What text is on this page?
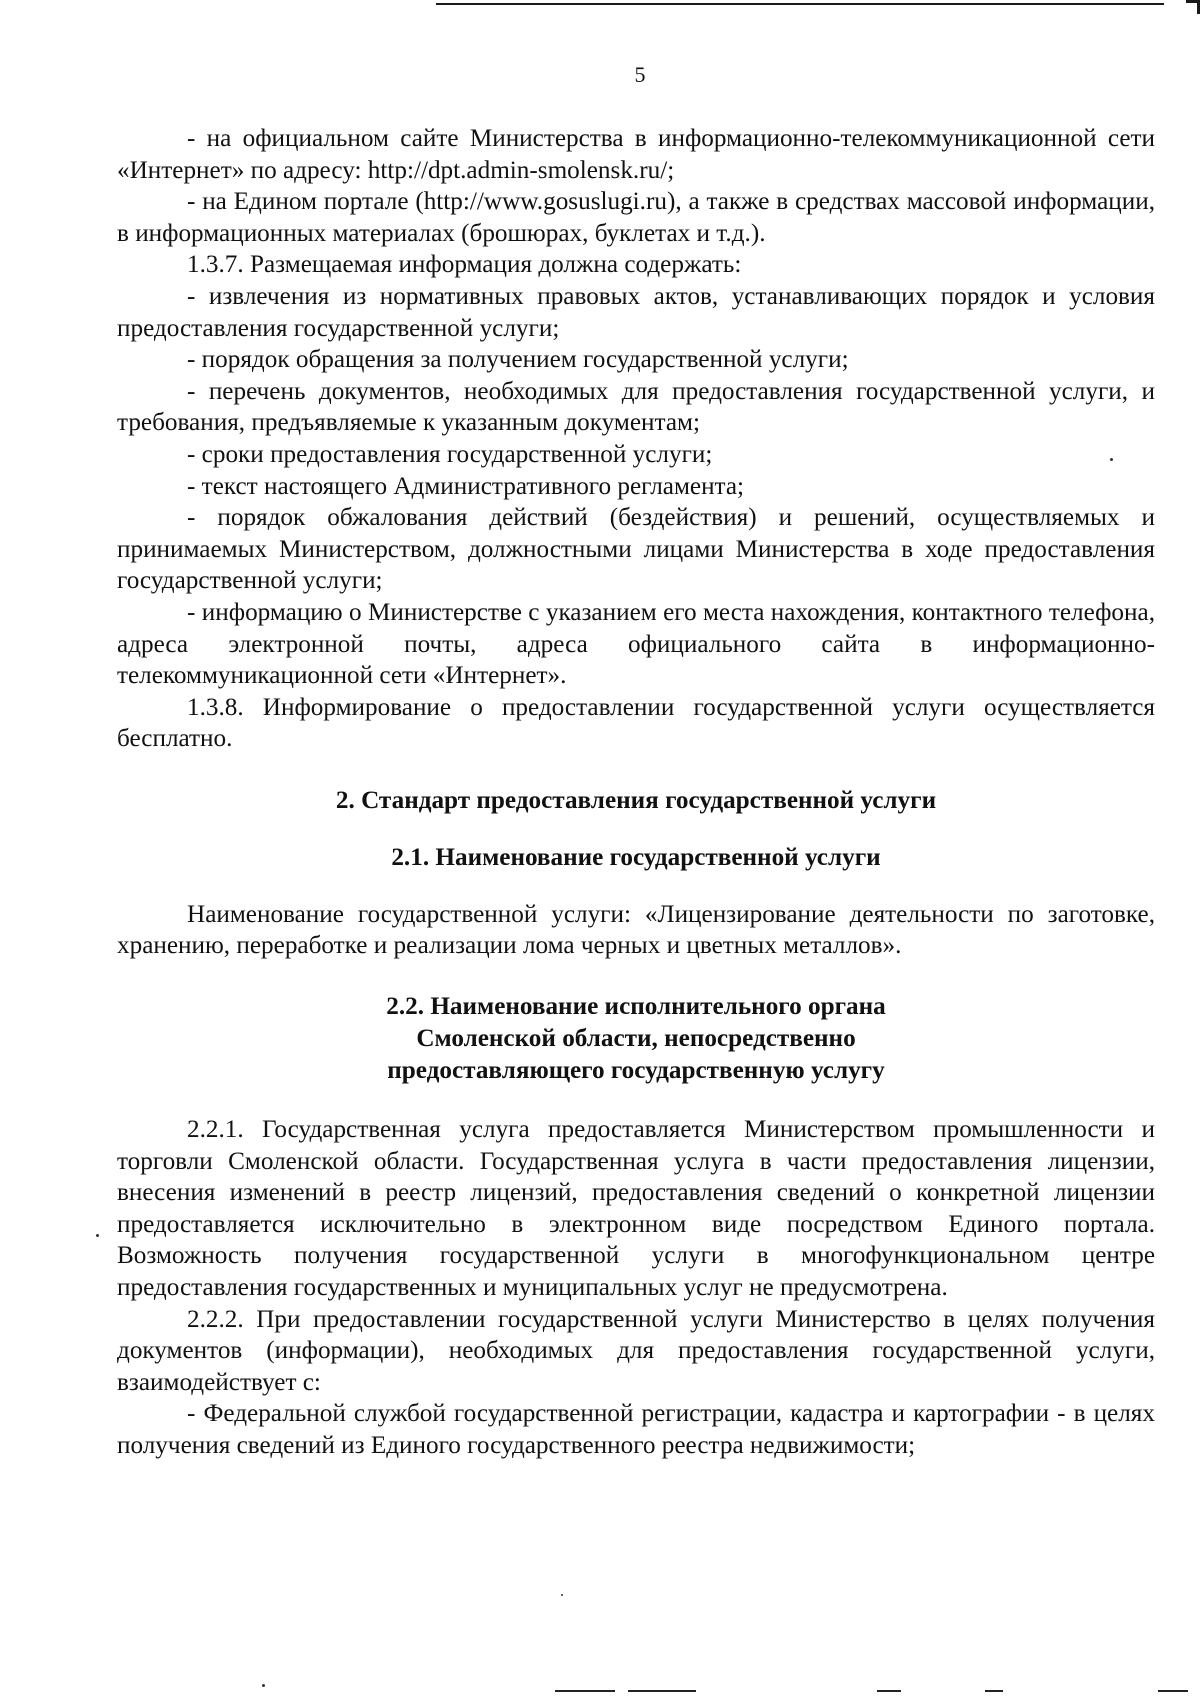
5

- на официальном сайте Министерства в информационно-телекоммуникационной сети «Интернет» по адресу: http://dpt.admin-smolensk.ru/;

- на Едином портале (http://www.gosuslugi.ru), а также в средствах массовой информации, в информационных материалах (брошюрах, буклетах и т.д.).

1.3.7. Размещаемая информация должна содержать:

- извлечения из нормативных правовых актов, устанавливающих порядок и условия предоставления государственной услуги;

- порядок обращения за получением государственной услуги;

- перечень документов, необходимых для предоставления государственной услуги, и требования, предъявляемые к указанным документам;

- сроки предоставления государственной услуги;

- текст настоящего Административного регламента;

- порядок обжалования действий (бездействия) и решений, осуществляемых и принимаемых Министерством, должностными лицами Министерства в ходе предоставления государственной услуги;

- информацию о Министерстве с указанием его места нахождения, контактного телефона, адреса электронной почты, адреса официального сайта в информационно-телекоммуникационной сети «Интернет».

1.3.8. Информирование о предоставлении государственной услуги осуществляется бесплатно.

2. Стандарт предоставления государственной услуги
2.1. Наименование государственной услуги

Наименование государственной услуги: «Лицензирование деятельности по заготовке, хранению, переработке и реализации лома черных и цветных металлов».

2.2. Наименование исполнительного органа
Смоленской области, непосредственно
предоставляющего государственную услугу

2.2.1. Государственная услуга предоставляется Министерством промышленности и торговли Смоленской области. Государственная услуга в части предоставления лицензии, внесения изменений в реестр лицензий, предоставления сведений о конкретной лицензии предоставляется исключительно в электронном виде посредством Единого портала. Возможность получения государственной услуги в многофункциональном центре предоставления государственных и муниципальных услуг не предусмотрена.

2.2.2. При предоставлении государственной услуги Министерство в целях получения документов (информации), необходимых для предоставления государственной услуги, взаимодействует с:

- Федеральной службой государственной регистрации, кадастра и картографии - в целях получения сведений из Единого государственного реестра недвижимости;
